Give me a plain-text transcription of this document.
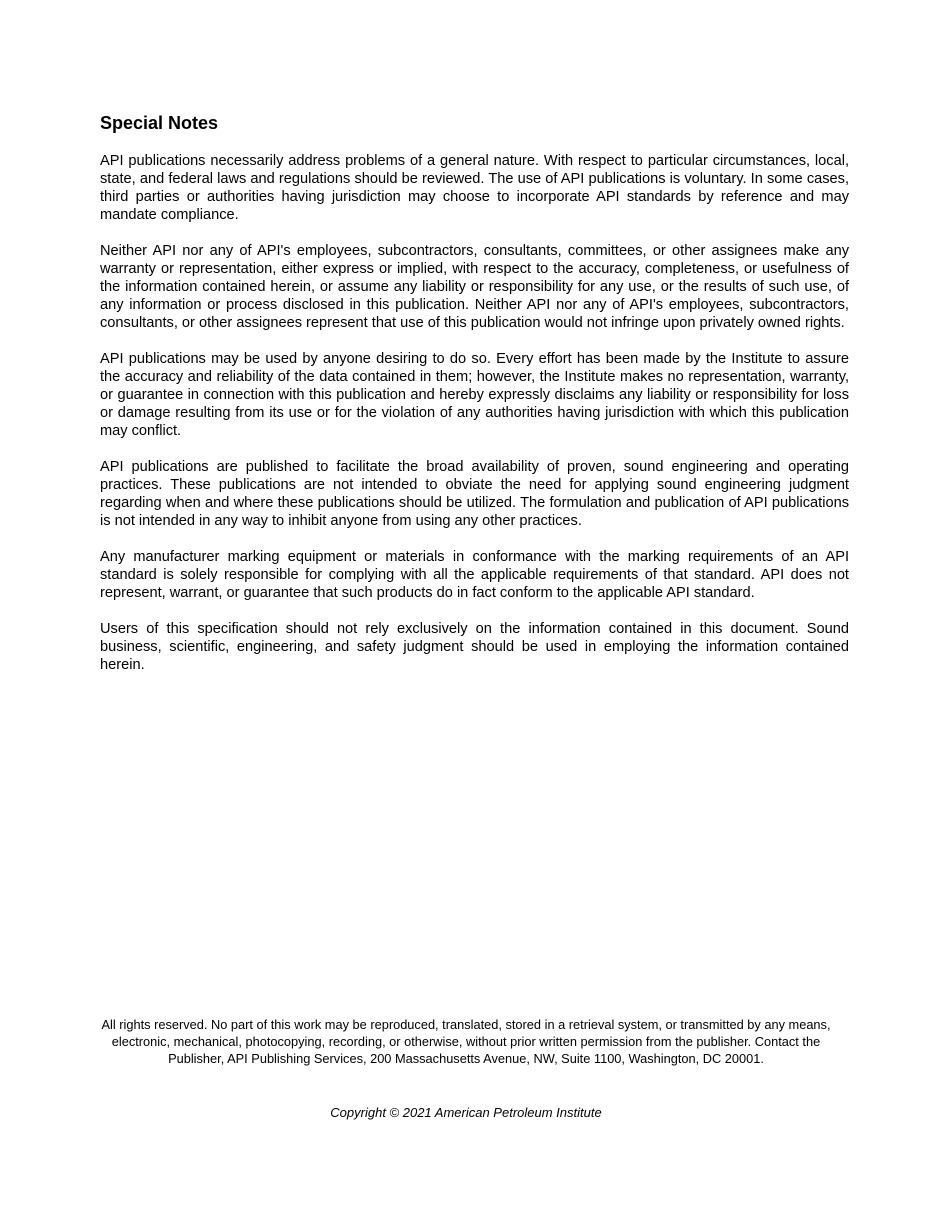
Special Notes

API publications necessarily address problems of a general nature. With respect to particular circumstances, local, state, and federal laws and regulations should be reviewed. The use of API publications is voluntary. In some cases, third parties or authorities having jurisdiction may choose to incorporate API standards by reference and may mandate compliance.

Neither API nor any of API's employees, subcontractors, consultants, committees, or other assignees make any warranty or representation, either express or implied, with respect to the accuracy, completeness, or usefulness of the information contained herein, or assume any liability or responsibility for any use, or the results of such use, of any information or process disclosed in this publication. Neither API nor any of API's employees, subcontractors, consultants, or other assignees represent that use of this publication would not infringe upon privately owned rights.

API publications may be used by anyone desiring to do so. Every effort has been made by the Institute to assure the accuracy and reliability of the data contained in them; however, the Institute makes no representation, warranty, or guarantee in connection with this publication and hereby expressly disclaims any liability or responsibility for loss or damage resulting from its use or for the violation of any authorities having jurisdiction with which this publication may conflict.

API publications are published to facilitate the broad availability of proven, sound engineering and operating practices. These publications are not intended to obviate the need for applying sound engineering judgment regarding when and where these publications should be utilized. The formulation and publication of API publications is not intended in any way to inhibit anyone from using any other practices.

Any manufacturer marking equipment or materials in conformance with the marking requirements of an API standard is solely responsible for complying with all the applicable requirements of that standard. API does not represent, warrant, or guarantee that such products do in fact conform to the applicable API standard.

Users of this specification should not rely exclusively on the information contained in this document. Sound business, scientific, engineering, and safety judgment should be used in employing the information contained herein.

All rights reserved. No part of this work may be reproduced, translated, stored in a retrieval system, or transmitted by any means, electronic, mechanical, photocopying, recording, or otherwise, without prior written permission from the publisher. Contact the Publisher, API Publishing Services, 200 Massachusetts Avenue, NW, Suite 1100, Washington, DC 20001.

Copyright © 2021 American Petroleum Institute
